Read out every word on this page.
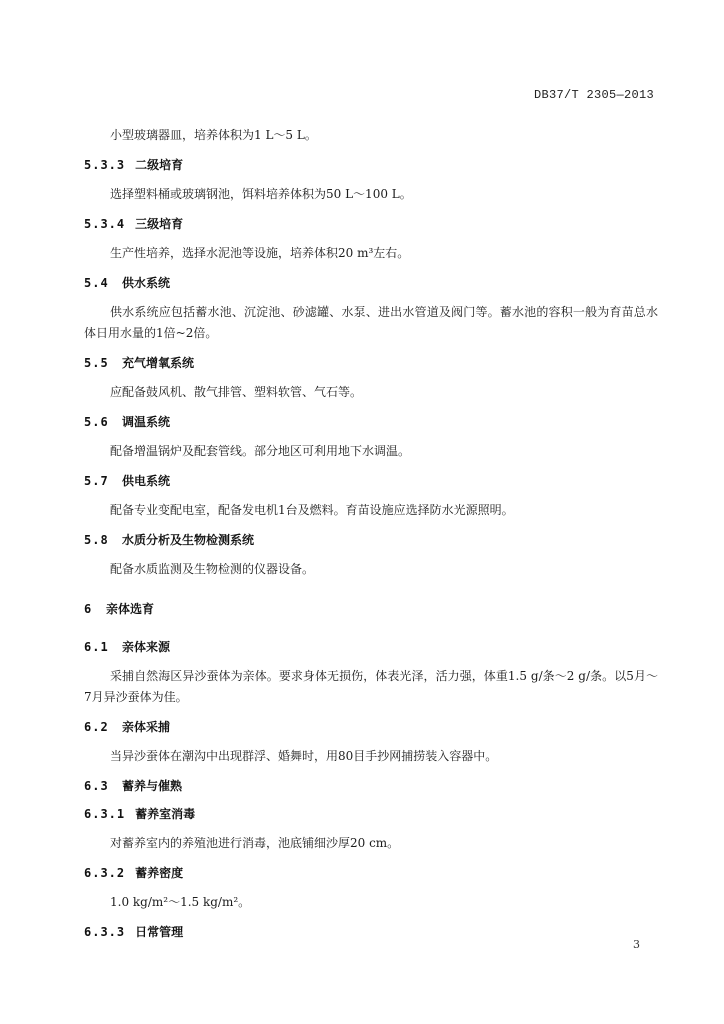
DB37/T 2305—2013

小型玻璃器皿，培养体积为1 L～5 L。

5.3.3 二级培育

选择塑料桶或玻璃钢池，饵料培养体积为50 L～100 L。

5.3.4 三级培育

生产性培养，选择水泥池等设施，培养体积20 m³左右。

5.4 供水系统

供水系统应包括蓄水池、沉淀池、砂滤罐、水泵、进出水管道及阀门等。蓄水池的容积一般为育苗总水体日用水量的1倍~2倍。

5.5 充气增氧系统

应配备鼓风机、散气排管、塑料软管、气石等。

5.6 调温系统

配备增温锅炉及配套管线。部分地区可利用地下水调温。

5.7 供电系统

配备专业变配电室，配备发电机1台及燃料。育苗设施应选择防水光源照明。

5.8 水质分析及生物检测系统

配备水质监测及生物检测的仪器设备。

6	亲体选育
6.1 亲体来源

采捕自然海区异沙蚕体为亲体。要求身体无损伤，体表光泽，活力强，体重1.5 g/条～2 g/条。以5月～7月异沙蚕体为佳。

6.2 亲体采捕

当异沙蚕体在潮沟中出现群浮、婚舞时，用80目手抄网捕捞装入容器中。

6.3 蓄养与催熟
6.3.1 蓄养室消毒

对蓄养室内的养殖池进行消毒，池底铺细沙厚20 cm。

6.3.2 蓄养密度

1.0 kg/m²～1.5 kg/m²。

6.3.3 日常管理
3
